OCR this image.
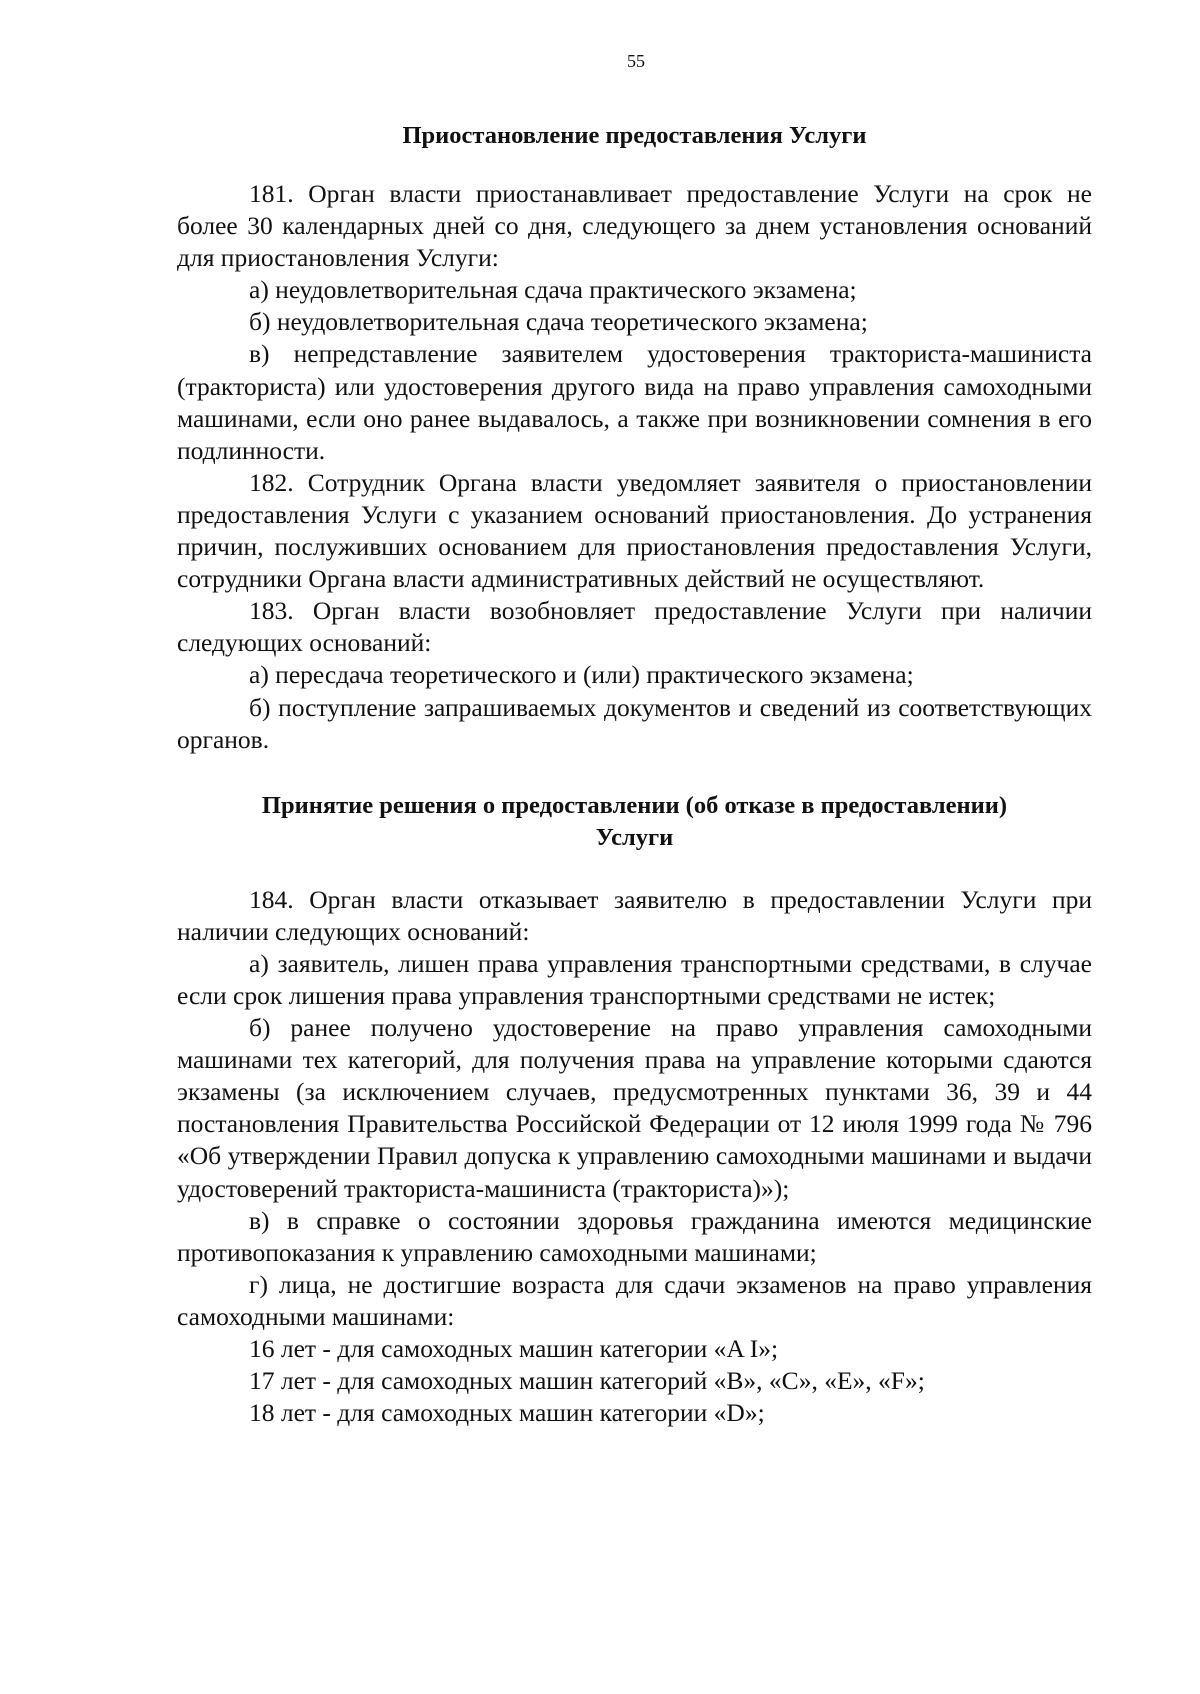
55
Приостановление предоставления Услуги

181. Орган власти приостанавливает предоставление Услуги на срок не более 30 календарных дней со дня, следующего за днем установления оснований для приостановления Услуги:

а) неудовлетворительная сдача практического экзамена;

б) неудовлетворительная сдача теоретического экзамена;

в) непредставление заявителем удостоверения тракториста-машиниста (тракториста) или удостоверения другого вида на право управления самоходными машинами, если оно ранее выдавалось, а также при возникновении сомнения в его подлинности.

182. Сотрудник Органа власти уведомляет заявителя о приостановлении предоставления Услуги с указанием оснований приостановления. До устранения причин, послуживших основанием для приостановления предоставления Услуги, сотрудники Органа власти административных действий не осуществляют.

183. Орган власти возобновляет предоставление Услуги при наличии следующих оснований:

а) пересдача теоретического и (или) практического экзамена;

б) поступление запрашиваемых документов и сведений из соответствующих органов.

Принятие решения о предоставлении (об отказе в предоставлении)
Услуги

184. Орган власти отказывает заявителю в предоставлении Услуги при наличии следующих оснований:

а) заявитель, лишен права управления транспортными средствами, в случае если срок лишения права управления транспортными средствами не истек;

б) ранее получено удостоверение на право управления самоходными машинами тех категорий, для получения права на управление которыми сдаются экзамены (за исключением случаев, предусмотренных пунктами 36, 39 и 44 постановления Правительства Российской Федерации от 12 июля 1999 года № 796 «Об утверждении Правил допуска к управлению самоходными машинами и выдачи удостоверений тракториста-машиниста (тракториста)»);

в) в справке о состоянии здоровья гражданина имеются медицинские противопоказания к управлению самоходными машинами;

г) лица, не достигшие возраста для сдачи экзаменов на право управления самоходными машинами:

16 лет - для самоходных машин категории «A I»;

17 лет - для самоходных машин категорий «B», «C», «E», «F»;

18 лет - для самоходных машин категории «D»;
